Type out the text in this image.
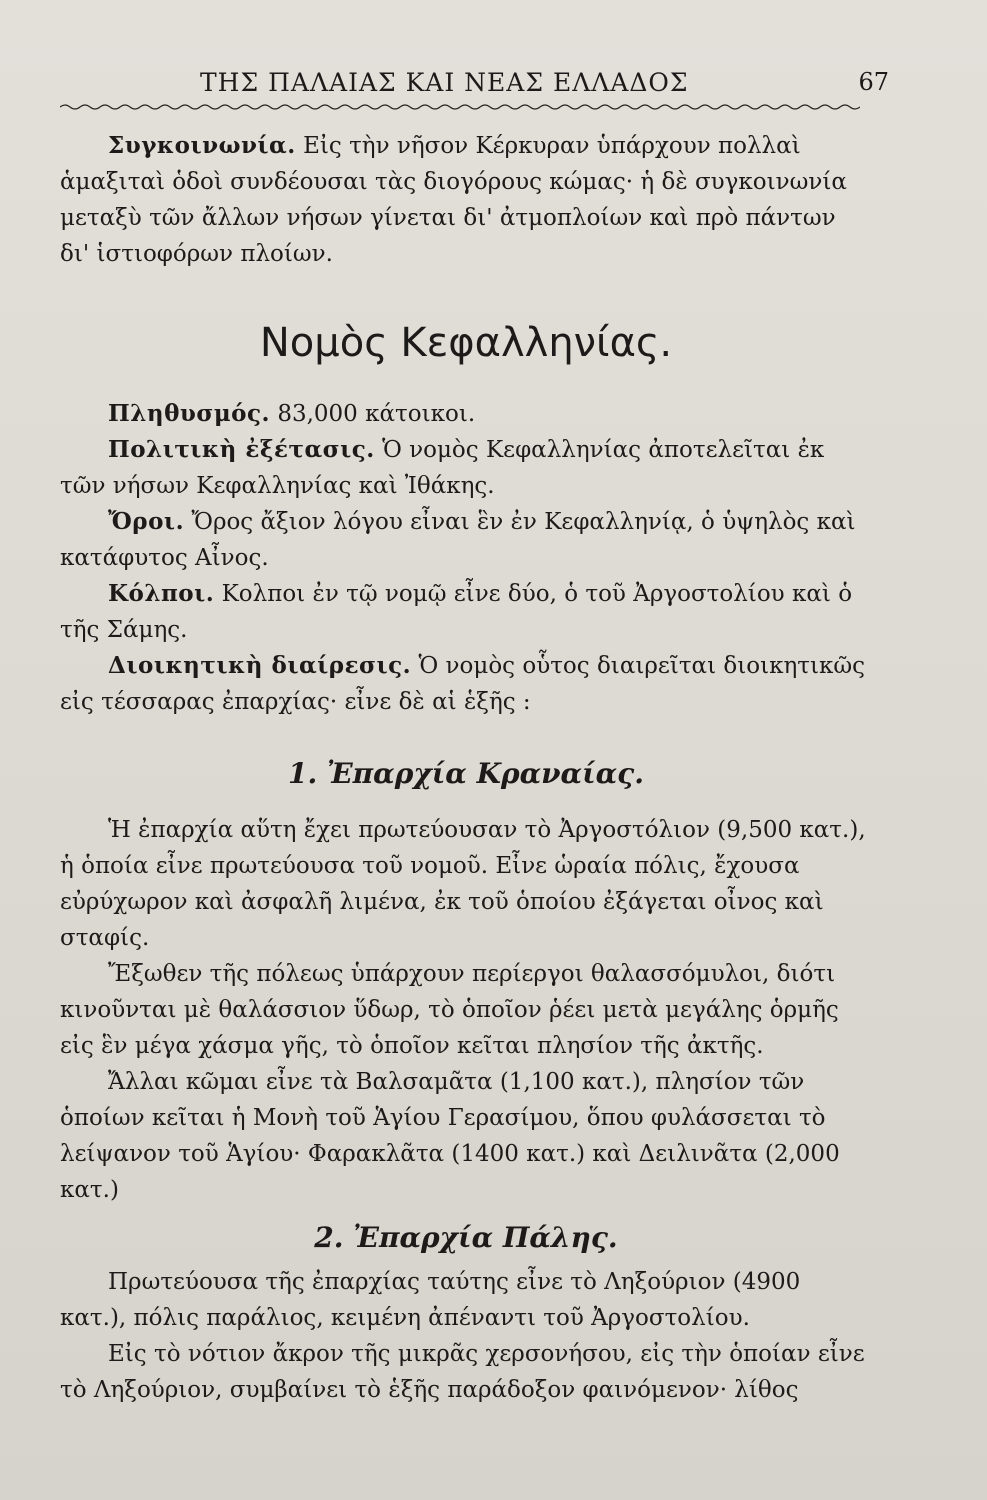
ΤΗΣ ΠΑΛΑΙΑΣ ΚΑΙ ΝΕΑΣ ΕΛΛΑΔΟΣ	67

Συγκοινωνία. Εἰς τὴν νῆσον Κέρκυραν ὑπάρχουν πολλαὶ ἁμαξιταὶ ὁδοὶ συνδέουσαι τὰς διογόρους κώμας· ἡ δὲ συγκοινωνία μεταξὺ τῶν ἄλλων νήσων γίνεται δι' ἀτμοπλοίων καὶ πρὸ πάντων δι' ἱστιοφόρων πλοίων.

Νομὸς Κεφαλληνίας.

Πληθυσμός. 83,000 κάτοικοι.

Πολιτικὴ ἐξέτασις. Ὁ νομὸς Κεφαλληνίας ἀποτελεῖται ἐκ τῶν νήσων Κεφαλληνίας καὶ Ἰθάκης.

Ὄροι. Ὄρος ἄξιον λόγου εἶναι ἓν ἐν Κεφαλληνίᾳ, ὁ ὑψηλὸς καὶ κατάφυτος Αἶνος.

Κόλποι. Κολποι ἐν τῷ νομῷ εἶνε δύο, ὁ τοῦ Ἀργοστολίου καὶ ὁ τῆς Σάμης.

Διοικητικὴ διαίρεσις. Ὁ νομὸς οὗτος διαιρεῖται διοικητικῶς εἰς τέσσαρας ἐπαρχίας· εἶνε δὲ αἱ ἑξῆς :

1. Ἐπαρχία Κραναίας.

Ἡ ἐπαρχία αὕτη ἔχει πρωτεύουσαν τὸ Ἀργοστόλιον (9,500 κατ.), ἡ ὁποία εἶνε πρωτεύουσα τοῦ νομοῦ. Εἶνε ὡραία πόλις, ἔχουσα εὐρύχωρον καὶ ἀσφαλῆ λιμένα, ἐκ τοῦ ὁποίου ἐξάγεται οἶνος καὶ σταφίς.

Ἔξωθεν τῆς πόλεως ὑπάρχουν περίεργοι θαλασσόμυλοι, διότι κινοῦνται μὲ θαλάσσιον ὕδωρ, τὸ ὁποῖον ῥέει μετὰ μεγάλης ὁρμῆς εἰς ἓν μέγα χάσμα γῆς, τὸ ὁποῖον κεῖται πλησίον τῆς ἀκτῆς.

Ἄλλαι κῶμαι εἶνε τὰ Βαλσαμᾶτα (1,100 κατ.), πλησίον τῶν ὁποίων κεῖται ἡ Μονὴ τοῦ Ἁγίου Γερασίμου, ὅπου φυλάσσεται τὸ λείψανον τοῦ Ἁγίου· Φαρακλᾶτα (1400 κατ.) καὶ Δειλινᾶτα (2,000 κατ.)

2. Ἐπαρχία Πάλης.

Πρωτεύουσα τῆς ἐπαρχίας ταύτης εἶνε τὸ Ληξούριον (4900 κατ.), πόλις παράλιος, κειμένη ἀπέναντι τοῦ Ἀργοστολίου.

Εἰς τὸ νότιον ἄκρον τῆς μικρᾶς χερσονήσου, εἰς τὴν ὁποίαν εἶνε τὸ Ληξούριον, συμβαίνει τὸ ἑξῆς παράδοξον φαινόμενον· λίθος
